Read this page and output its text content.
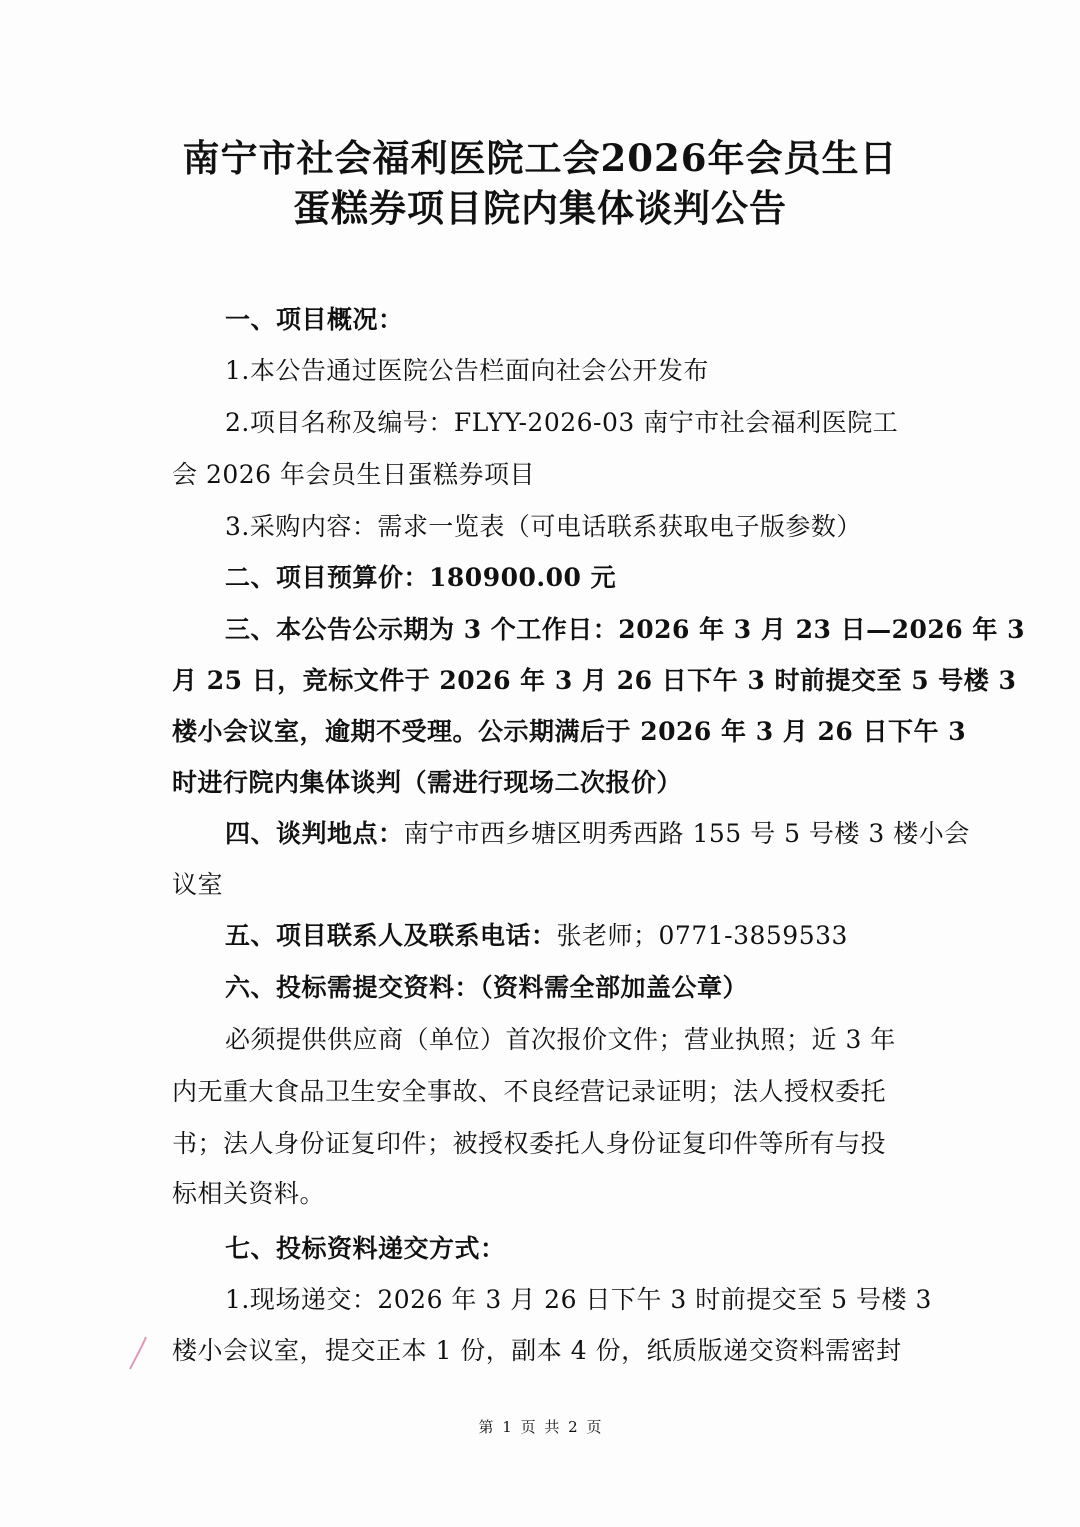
南宁市社会福利医院工会2026年会员生日
蛋糕券项目院内集体谈判公告
一、项目概况：
1.本公告通过医院公告栏面向社会公开发布
2.项目名称及编号：FLYY-2026-03 南宁市社会福利医院工
会 2026 年会员生日蛋糕券项目
3.采购内容：需求一览表（可电话联系获取电子版参数）
二、项目预算价：180900.00 元
三、本公告公示期为 3 个工作日：2026 年 3 月 23 日—2026 年 3
月 25 日，竞标文件于 2026 年 3 月 26 日下午 3 时前提交至 5 号楼 3
楼小会议室，逾期不受理。公示期满后于 2026 年 3 月 26 日下午 3
时进行院内集体谈判（需进行现场二次报价）
四、谈判地点：南宁市西乡塘区明秀西路 155 号 5 号楼 3 楼小会
议室
五、项目联系人及联系电话：张老师；0771-3859533
六、投标需提交资料：（资料需全部加盖公章）
必须提供供应商（单位）首次报价文件；营业执照；近 3 年
内无重大食品卫生安全事故、不良经营记录证明；法人授权委托
书；法人身份证复印件；被授权委托人身份证复印件等所有与投
标相关资料。
七、投标资料递交方式：
1.现场递交：2026 年 3 月 26 日下午 3 时前提交至 5 号楼 3
楼小会议室，提交正本 1 份，副本 4 份，纸质版递交资料需密封
第 1 页 共 2 页
